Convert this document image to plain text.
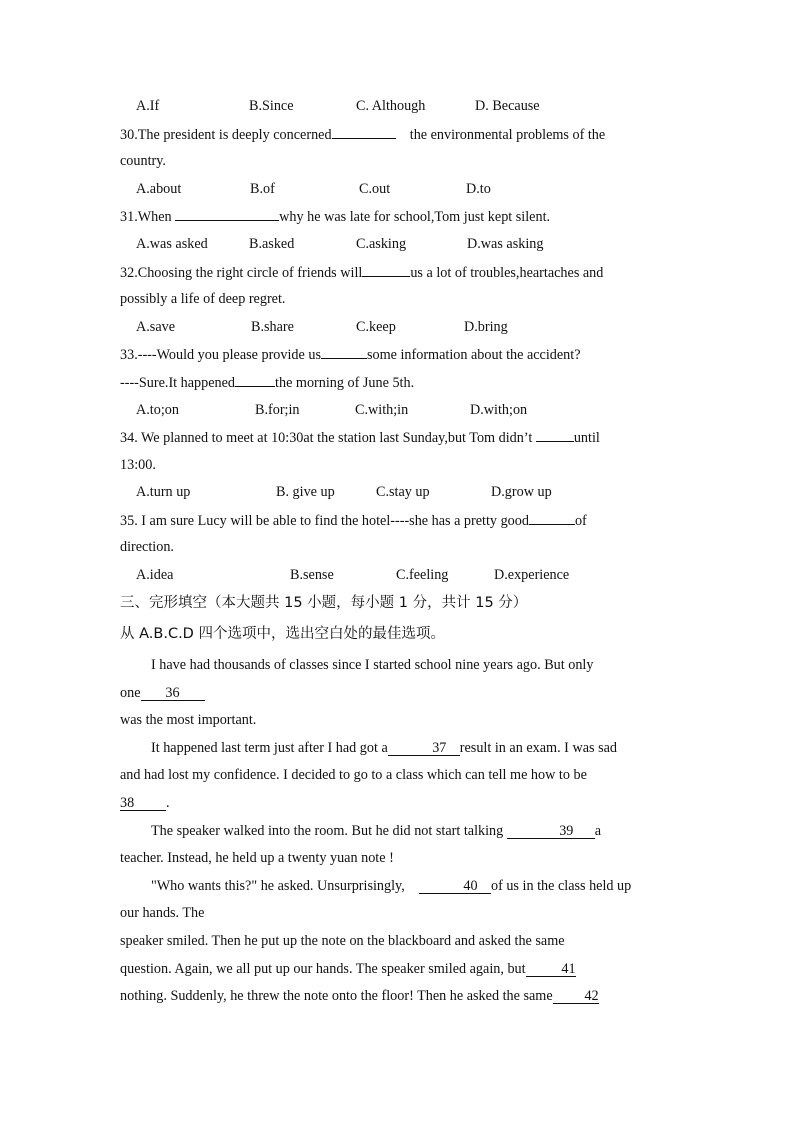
A.If	B.Since	C. Although	D. Because
30.The president is deeply concerned	the environmental problems of the
country.
A.about	B.of	C.out	D.to
31.When	why he was late for school,Tom just kept silent.
A.was asked	B.asked	C.asking	D.was asking
32.Choosing the right circle of friends will	us a lot of troubles,heartaches and
possibly a life of deep regret.
A.save	B.share	C.keep	D.bring
33.----Would you please provide us	some information about the accident?
----Sure.It happened	the morning of June 5th.
A.to;on	B.for;in	C.with;in	D.with;on
34. We planned to meet at 10:30at the station last Sunday,but Tom didn’t	until
13:00.
A.turn up	B. give up	C.stay up	D.grow up
35. I am sure Lucy will be able to find the hotel----she has a pretty good	of
direction.
A.idea	B.sense	C.feeling	D.experience
三、完形填空（本大题共 15 小题，每小题 1 分，共计 15 分）
从 A.B.C.D 四个选项中，选出空白处的最佳选项。
I have had thousands of classes since I started school nine years ago. But only
one 36
was the most important.
It happened last term just after I had got a	37 result in an exam. I was sad
and had lost my confidence. I decided to go to a class which can tell me how to be
38 .
The speaker walked into the room. But he did not start talking	39 a
teacher. Instead, he held up a twenty yuan note !
"Who wants this?" he asked. Unsurprisingly,	40 of us in the class held up
our hands. The
speaker smiled. Then he put up the note on the blackboard and asked the same
question. Again, we all put up our hands. The speaker smiled again, but	41
nothing. Suddenly, he threw the note onto the floor! Then he asked the same 42
